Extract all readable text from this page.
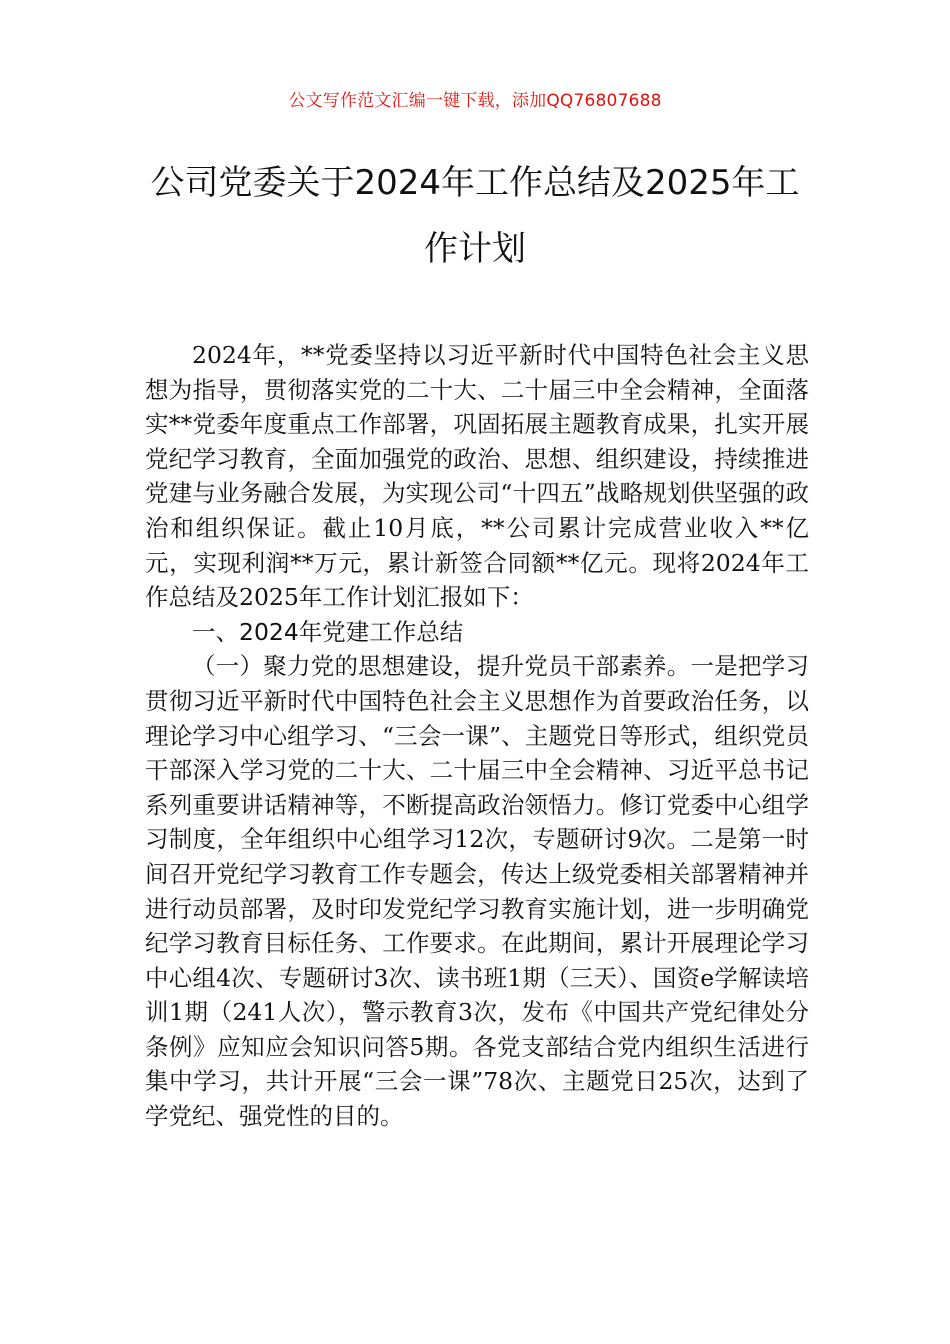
公文写作范文汇编一键下载，添加QQ76807688
公司党委关于2024年工作总结及2025年工作计划

2024年，**党委坚持以习近平新时代中国特色社会主义思想为指导，贯彻落实党的二十大、二十届三中全会精神，全面落实**党委年度重点工作部署，巩固拓展主题教育成果，扎实开展党纪学习教育，全面加强党的政治、思想、组织建设，持续推进党建与业务融合发展，为实现公司“十四五”战略规划供坚强的政治和组织保证。截止10月底，**公司累计完成营业收入**亿元，实现利润**万元，累计新签合同额**亿元。现将2024年工作总结及2025年工作计划汇报如下：

一、2024年党建工作总结

（一）聚力党的思想建设，提升党员干部素养。一是把学习贯彻习近平新时代中国特色社会主义思想作为首要政治任务，以理论学习中心组学习、“三会一课”、主题党日等形式，组织党员干部深入学习党的二十大、二十届三中全会精神、习近平总书记系列重要讲话精神等，不断提高政治领悟力。修订党委中心组学习制度，全年组织中心组学习12次，专题研讨9次。二是第一时间召开党纪学习教育工作专题会，传达上级党委相关部署精神并进行动员部署，及时印发党纪学习教育实施计划，进一步明确党纪学习教育目标任务、工作要求。在此期间，累计开展理论学习中心组4次、专题研讨3次、读书班1期（三天）、国资e学解读培训1期（241人次），警示教育3次，发布《中国共产党纪律处分条例》应知应会知识问答5期。各党支部结合党内组织生活进行集中学习，共计开展“三会一课”78次、主题党日25次，达到了学党纪、强党性的目的。
